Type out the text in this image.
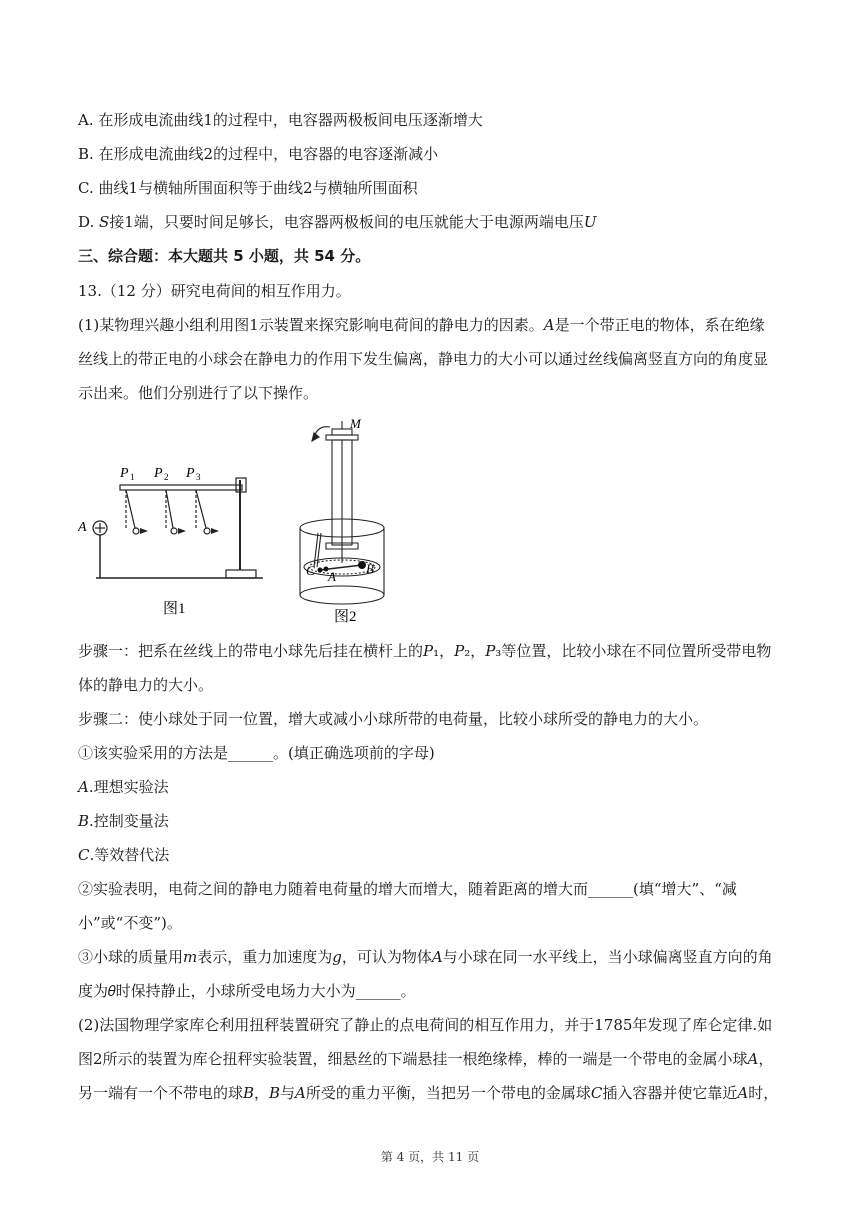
A. 在形成电流曲线1的过程中，电容器两极板间电压逐渐增大
B. 在形成电流曲线2的过程中，电容器的电容逐渐减小
C. 曲线1与横轴所围面积等于曲线2与横轴所围面积
D. 𝑆接1端，只要时间足够长，电容器两极板间的电压就能大于电源两端电压𝑈
三、综合题：本大题共 5 小题，共 54 分。
13.（12 分）研究电荷间的相互作用力。
(1)某物理兴趣小组利用图1示装置来探究影响电荷间的静电力的因素。𝐴是一个带正电的物体，系在绝缘
丝线上的带正电的小球会在静电力的作用下发生偏离，静电力的大小可以通过丝线偏离竖直方向的角度显
示出来。他们分别进行了以下操作。
A
P 1 P 2 P 3
图1
M
C A
B
图2
步骤一：把系在丝线上的带电小球先后挂在横杆上的𝑃₁，𝑃₂，𝑃₃等位置，比较小球在不同位置所受带电物
体的静电力的大小。
步骤二：使小球处于同一位置，增大或减小小球所带的电荷量，比较小球所受的静电力的大小。
①该实验采用的方法是______。(填正确选项前的字母)
𝐴.理想实验法
𝐵.控制变量法
𝐶.等效替代法
②实验表明，电荷之间的静电力随着电荷量的增大而增大，随着距离的增大而______(填“增大”、“减
小”或“不变”)。
③小球的质量用𝑚表示，重力加速度为𝑔，可认为物体𝐴与小球在同一水平线上，当小球偏离竖直方向的角
度为𝜃时保持静止，小球所受电场力大小为______。
(2)法国物理学家库仑利用扭秤装置研究了静止的点电荷间的相互作用力，并于1785年发现了库仑定律.如
图2所示的装置为库仑扭秤实验装置，细悬丝的下端悬挂一根绝缘棒，棒的一端是一个带电的金属小球𝐴，
另一端有一个不带电的球𝐵，𝐵与𝐴所受的重力平衡，当把另一个带电的金属球𝐶插入容器并使它靠近𝐴时，
第 4 页，共 11 页
